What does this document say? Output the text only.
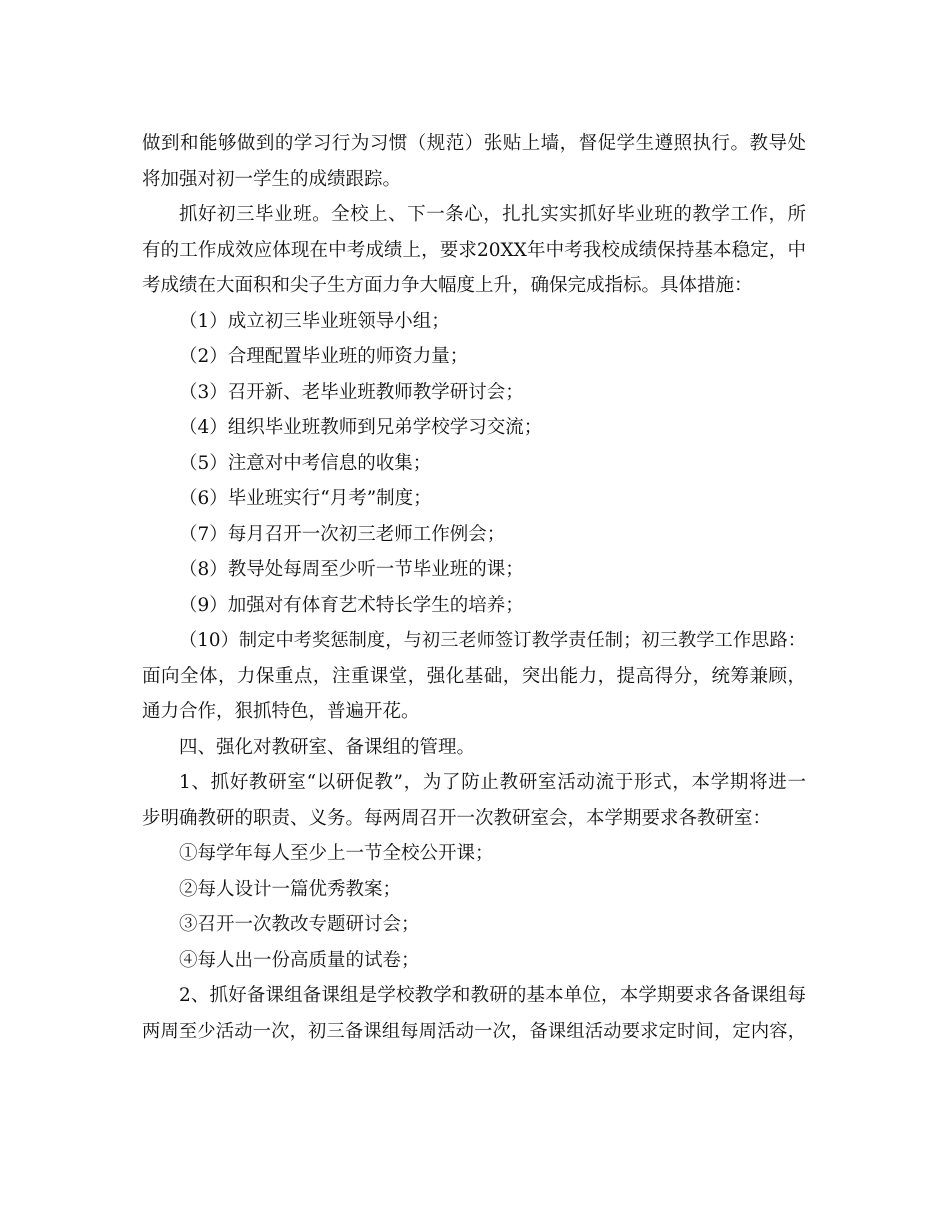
做到和能够做到的学习行为习惯（规范）张贴上墙，督促学生遵照执行。教导处
将加强对初一学生的成绩跟踪。
抓好初三毕业班。全校上、下一条心，扎扎实实抓好毕业班的教学工作，所
有的工作成效应体现在中考成绩上，要求20XX年中考我校成绩保持基本稳定，中
考成绩在大面积和尖子生方面力争大幅度上升，确保完成指标。具体措施：
（1）成立初三毕业班领导小组；
（2）合理配置毕业班的师资力量；
（3）召开新、老毕业班教师教学研讨会；
（4）组织毕业班教师到兄弟学校学习交流；
（5）注意对中考信息的收集；
（6）毕业班实行“月考”制度；
（7）每月召开一次初三老师工作例会；
（8）教导处每周至少听一节毕业班的课；
（9）加强对有体育艺术特长学生的培养；
（10）制定中考奖惩制度，与初三老师签订教学责任制；初三教学工作思路：
面向全体，力保重点，注重课堂，强化基础，突出能力，提高得分，统筹兼顾，
通力合作，狠抓特色，普遍开花。
四、强化对教研室、备课组的管理。
1、抓好教研室“以研促教”，为了防止教研室活动流于形式，本学期将进一
步明确教研的职责、义务。每两周召开一次教研室会，本学期要求各教研室：
①每学年每人至少上一节全校公开课；
②每人设计一篇优秀教案；
③召开一次教改专题研讨会；
④每人出一份高质量的试卷；
2、抓好备课组备课组是学校教学和教研的基本单位，本学期要求各备课组每
两周至少活动一次，初三备课组每周活动一次，备课组活动要求定时间，定内容，
